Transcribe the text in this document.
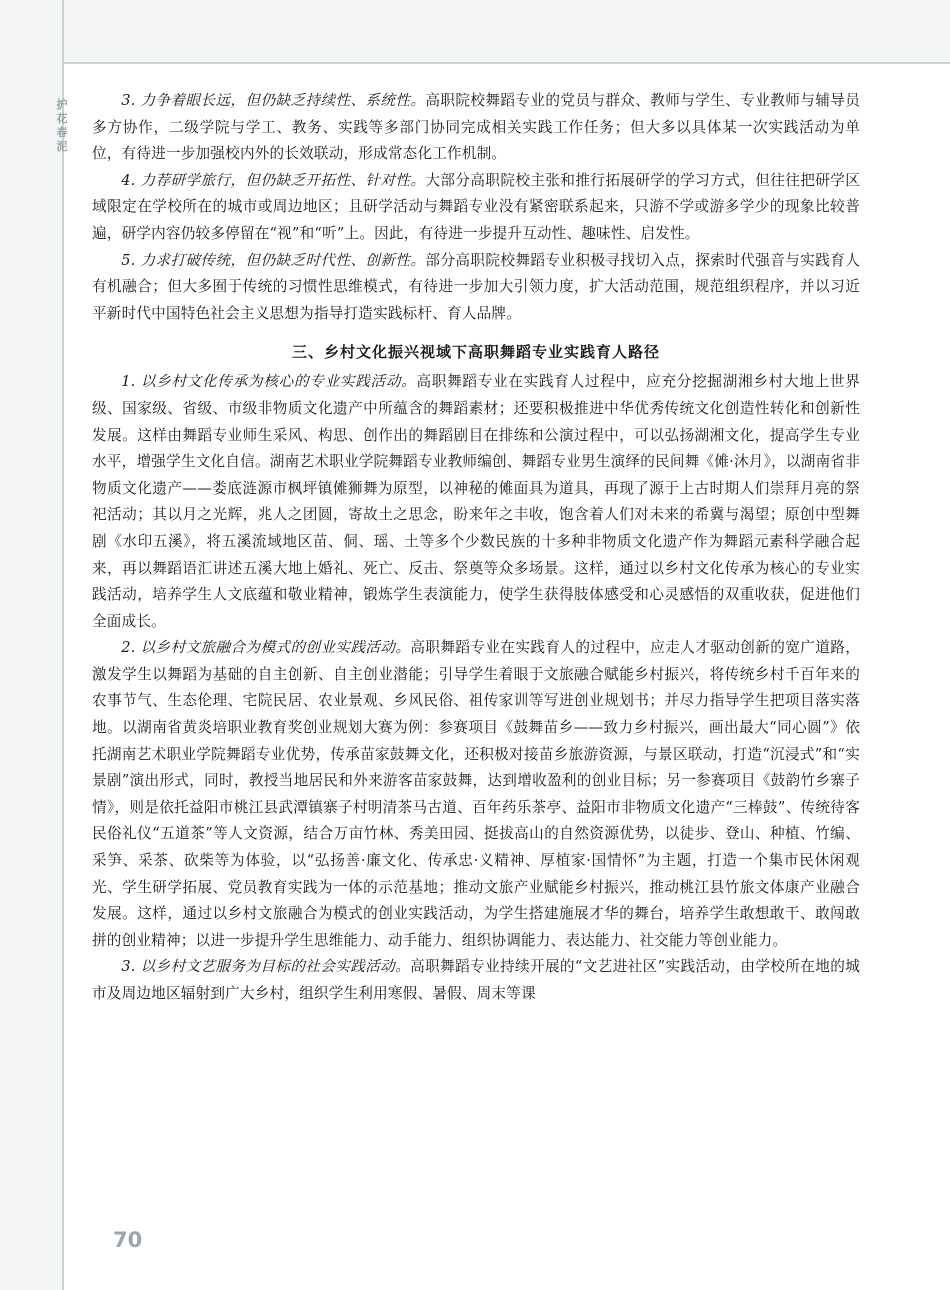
护花春泥

3. 力争着眼长远，但仍缺乏持续性、系统性。高职院校舞蹈专业的党员与群众、教师与学生、专业教师与辅导员多方协作，二级学院与学工、教务、实践等多部门协同完成相关实践工作任务；但大多以具体某一次实践活动为单位，有待进一步加强校内外的长效联动，形成常态化工作机制。

4. 力荐研学旅行，但仍缺乏开拓性、针对性。大部分高职院校主张和推行拓展研学的学习方式，但往往把研学区域限定在学校所在的城市或周边地区；且研学活动与舞蹈专业没有紧密联系起来，只游不学或游多学少的现象比较普遍，研学内容仍较多停留在“视”和“听”上。因此，有待进一步提升互动性、趣味性、启发性。

5. 力求打破传统，但仍缺乏时代性、创新性。部分高职院校舞蹈专业积极寻找切入点，探索时代强音与实践育人有机融合；但大多囿于传统的习惯性思维模式，有待进一步加大引领力度，扩大活动范围，规范组织程序，并以习近平新时代中国特色社会主义思想为指导打造实践标杆、育人品牌。

三、乡村文化振兴视域下高职舞蹈专业实践育人路径

1. 以乡村文化传承为核心的专业实践活动。高职舞蹈专业在实践育人过程中，应充分挖掘湖湘乡村大地上世界级、国家级、省级、市级非物质文化遗产中所蕴含的舞蹈素材；还要积极推进中华优秀传统文化创造性转化和创新性发展。这样由舞蹈专业师生采风、构思、创作出的舞蹈剧目在排练和公演过程中，可以弘扬湖湘文化，提高学生专业水平，增强学生文化自信。湖南艺术职业学院舞蹈专业教师编创、舞蹈专业男生演绎的民间舞《傩·沐月》，以湖南省非物质文化遗产——娄底涟源市枫坪镇傩狮舞为原型，以神秘的傩面具为道具，再现了源于上古时期人们崇拜月亮的祭祀活动；其以月之光辉，兆人之团圆，寄故土之思念，盼来年之丰收，饱含着人们对未来的希冀与渴望；原创中型舞剧《水印五溪》，将五溪流域地区苗、侗、瑶、土等多个少数民族的十多种非物质文化遗产作为舞蹈元素科学融合起来，再以舞蹈语汇讲述五溪大地上婚礼、死亡、反击、祭奠等众多场景。这样，通过以乡村文化传承为核心的专业实践活动，培养学生人文底蕴和敬业精神，锻炼学生表演能力，使学生获得肢体感受和心灵感悟的双重收获，促进他们全面成长。

2. 以乡村文旅融合为模式的创业实践活动。高职舞蹈专业在实践育人的过程中，应走人才驱动创新的宽广道路，激发学生以舞蹈为基础的自主创新、自主创业潜能；引导学生着眼于文旅融合赋能乡村振兴，将传统乡村千百年来的农事节气、生态伦理、宅院民居、农业景观、乡风民俗、祖传家训等写进创业规划书；并尽力指导学生把项目落实落地。以湖南省黄炎培职业教育奖创业规划大赛为例：参赛项目《鼓舞苗乡——致力乡村振兴，画出最大“同心圆”》依托湖南艺术职业学院舞蹈专业优势，传承苗家鼓舞文化，还积极对接苗乡旅游资源，与景区联动，打造“沉浸式”和“实景剧”演出形式，同时，教授当地居民和外来游客苗家鼓舞，达到增收盈利的创业目标；另一参赛项目《鼓韵竹乡寨子情》，则是依托益阳市桃江县武潭镇寨子村明清茶马古道、百年药乐茶亭、益阳市非物质文化遗产“三棒鼓”、传统待客民俗礼仪“五道茶”等人文资源，结合万亩竹林、秀美田园、挺拔高山的自然资源优势，以徒步、登山、种植、竹编、采笋、采茶、砍柴等为体验，以“弘扬善·廉文化、传承忠·义精神、厚植家·国情怀”为主题，打造一个集市民休闲观光、学生研学拓展、党员教育实践为一体的示范基地；推动文旅产业赋能乡村振兴，推动桃江县竹旅文体康产业融合发展。这样，通过以乡村文旅融合为模式的创业实践活动，为学生搭建施展才华的舞台，培养学生敢想敢干、敢闯敢拼的创业精神；以进一步提升学生思维能力、动手能力、组织协调能力、表达能力、社交能力等创业能力。

3. 以乡村文艺服务为目标的社会实践活动。高职舞蹈专业持续开展的“文艺进社区”实践活动，由学校所在地的城市及周边地区辐射到广大乡村，组织学生利用寒假、暑假、周末等课

70
